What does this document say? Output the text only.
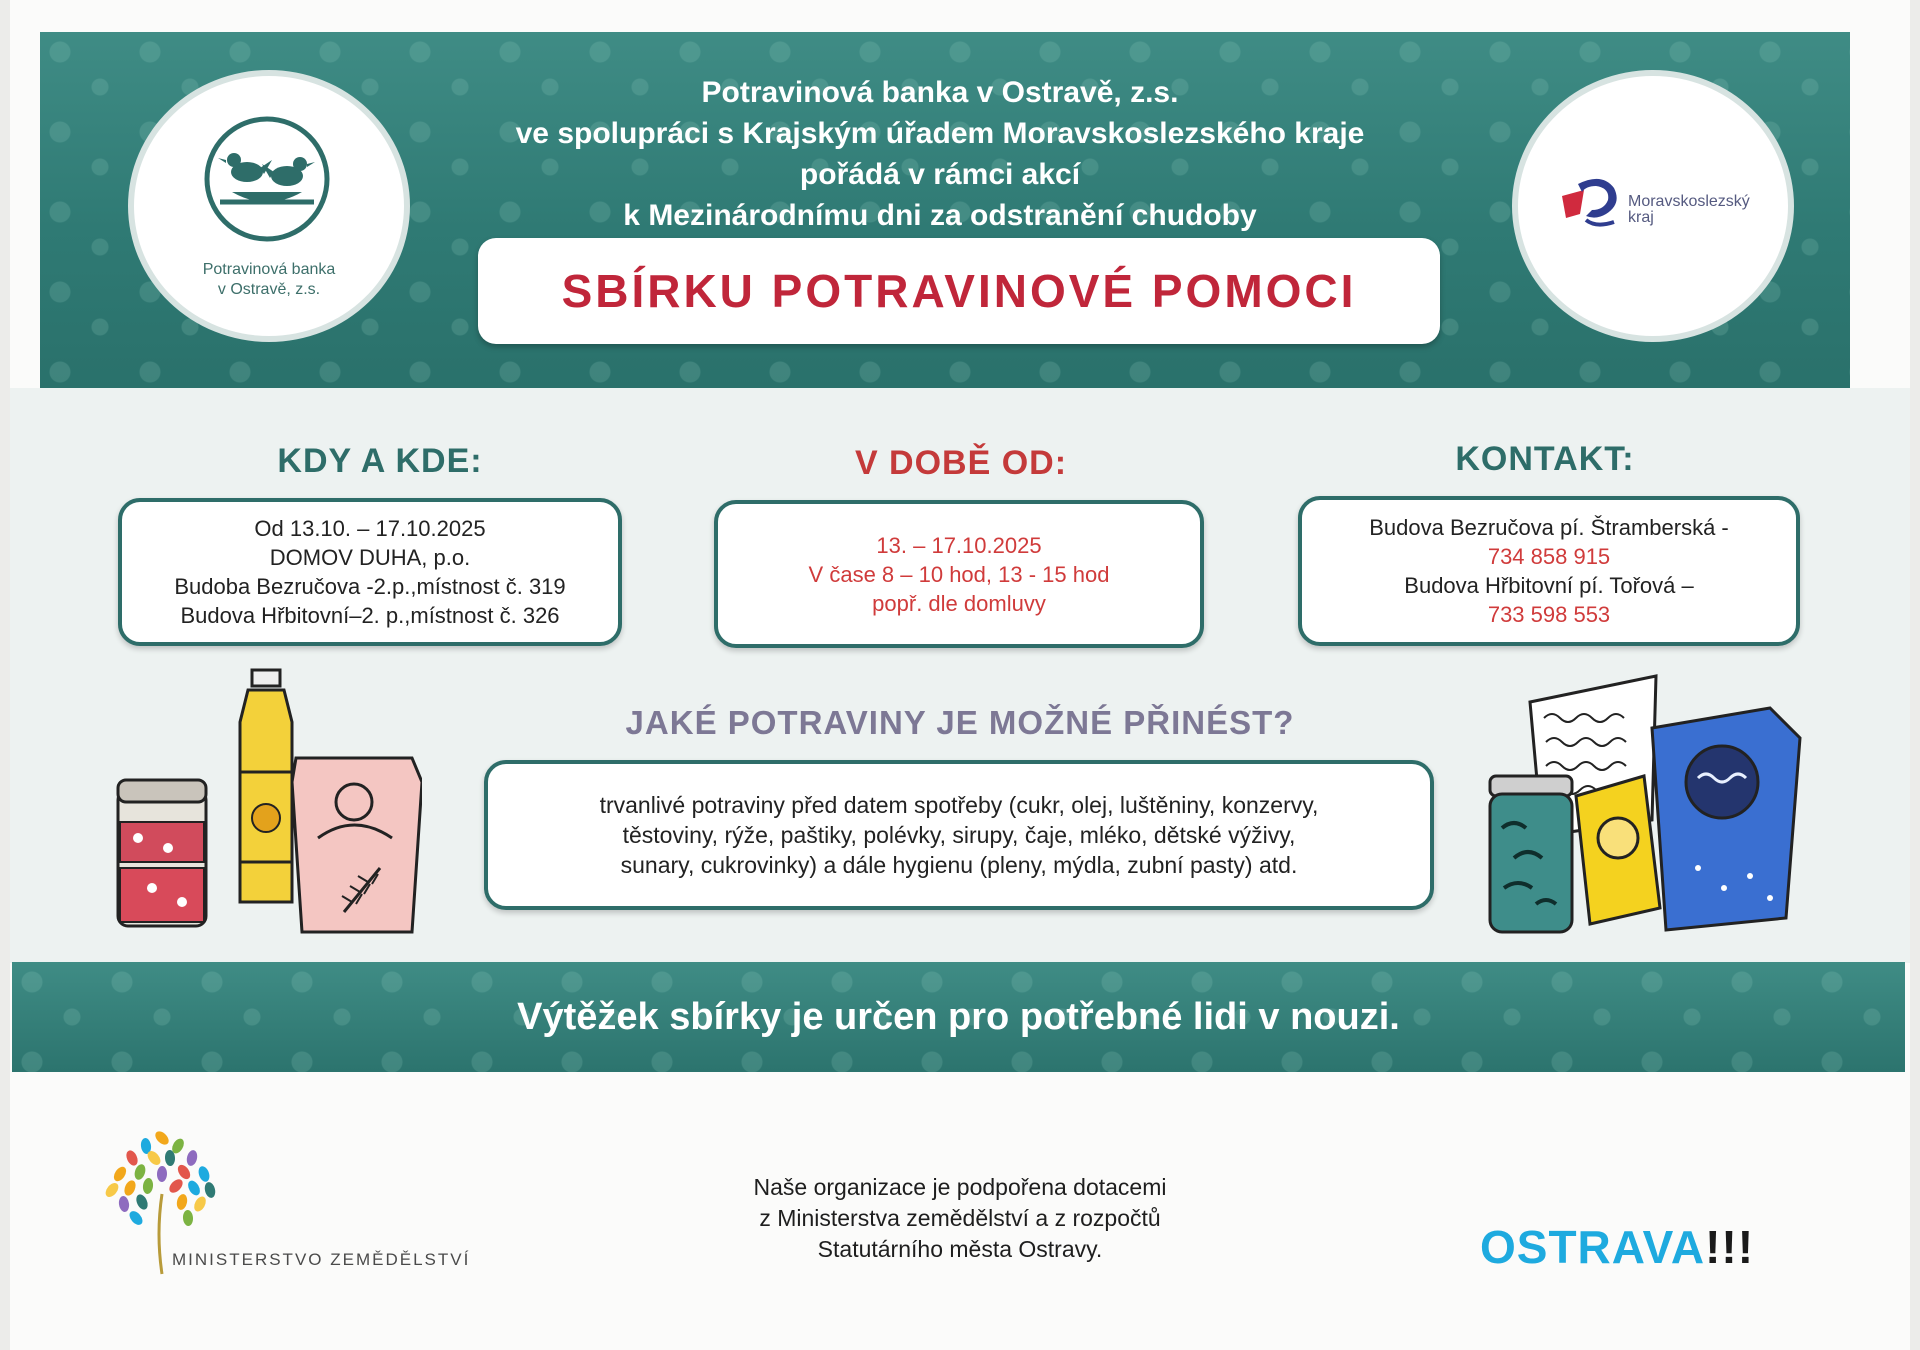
Potravinová banka
v Ostravě, z.s.
Moravskoslezský
kraj
Potravinová banka v Ostravě, z.s.
ve spolupráci s Krajským úřadem Moravskoslezského kraje
pořádá v rámci akcí
k Mezinárodnímu dni za odstranění chudoby
SBÍRKU POTRAVINOVÉ POMOCI
KDY A KDE:	V DOBĚ OD:	KONTAKT:
Od 13.10. – 17.10.2025
DOMOV DUHA, p.o.
Budoba Bezručova -2.p.,místnost č. 319
Budova Hřbitovní–2. p.,místnost č. 326
13. – 17.10.2025
V čase 8 – 10 hod, 13 - 15 hod
popř. dle domluvy
Budova Bezručova pí. Štramberská -
734 858 915
Budova Hřbitovní pí. Tořová –
733 598 553
JAKÉ POTRAVINY JE MOŽNÉ PŘINÉST?
trvanlivé potraviny před datem spotřeby (cukr, olej, luštěniny, konzervy,
těstoviny, rýže, paštiky, polévky, sirupy, čaje, mléko, dětské výživy,
sunary, cukrovinky) a dále hygienu (pleny, mýdla, zubní pasty) atd.
Výtěžek sbírky je určen pro potřebné lidi v nouzi.
MINISTERSTVO ZEMĚDĚLSTVÍ
Naše organizace je podpořena dotacemi
z Ministerstva zemědělství a z rozpočtů
Statutárního města Ostravy.	OSTRAVA!!!
